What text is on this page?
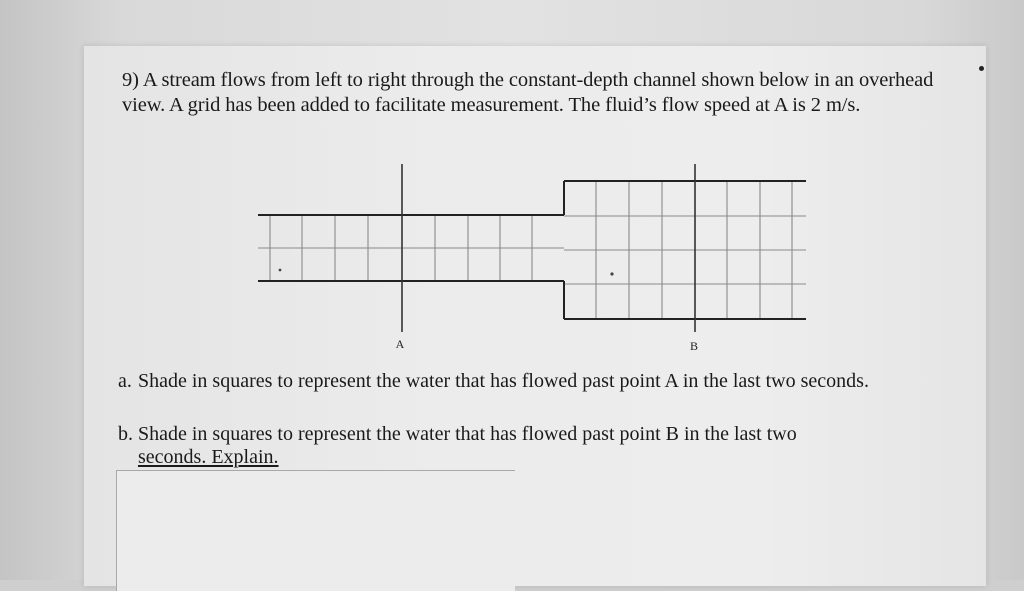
9) A stream flows from left to right through the constant-depth channel shown below in an overhead view. A grid has been added to facilitate measurement. The fluid’s flow speed at A is 2 m/s.
A	B
a. Shade in squares to represent the water that has flowed past point A in the last two seconds.
b. Shade in squares to represent the water that has flowed past point B in the last two
seconds. Explain.
